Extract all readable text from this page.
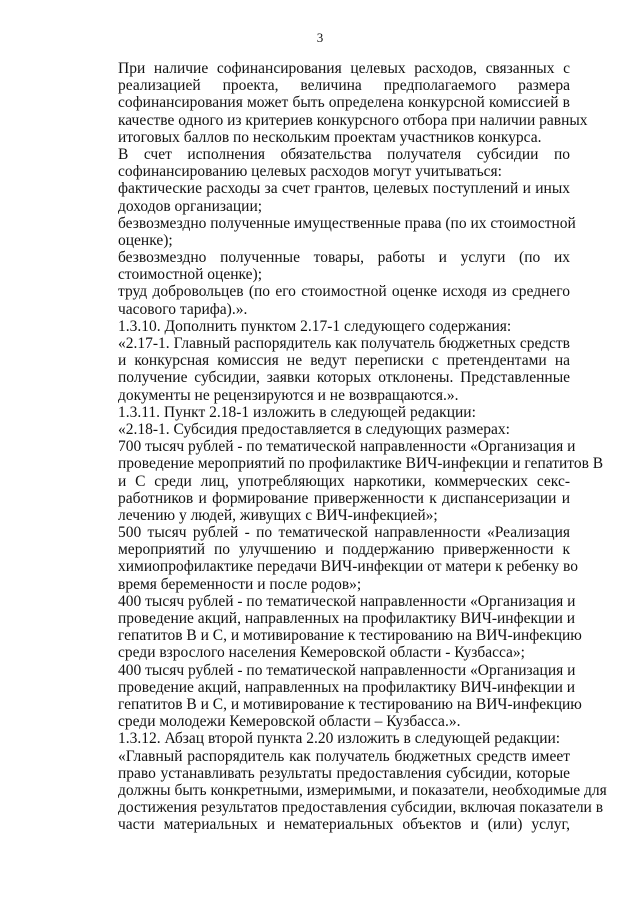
3
При наличие софинансирования целевых расходов, связанных с
реализацией проекта, величина предполагаемого размера
софинансирования может быть определена конкурсной комиссией в
качестве одного из критериев конкурсного отбора при наличии равных
итоговых баллов по нескольким проектам участников конкурса.
В счет исполнения обязательства получателя субсидии по
софинансированию целевых расходов могут учитываться:
фактические расходы за счет грантов, целевых поступлений и иных
доходов организации;
безвозмездно полученные имущественные права (по их стоимостной
оценке);
безвозмездно полученные товары, работы и услуги (по их
стоимостной оценке);
труд добровольцев (по его стоимостной оценке исходя из среднего
часового тарифа).».
1.3.10. Дополнить пунктом 2.17-1 следующего содержания:
«2.17-1. Главный распорядитель как получатель бюджетных средств
и конкурсная комиссия не ведут переписки с претендентами на
получение субсидии, заявки которых отклонены. Представленные
документы не рецензируются и не возвращаются.».
1.3.11. Пункт 2.18-1 изложить в следующей редакции:
«2.18-1. Субсидия предоставляется в следующих размерах:
700 тысяч рублей - по тематической направленности «Организация и
проведение мероприятий по профилактике ВИЧ-инфекции и гепатитов В
и С среди лиц, употребляющих наркотики, коммерческих секс-
работников и формирование приверженности к диспансеризации и
лечению у людей, живущих с ВИЧ-инфекцией»;
500 тысяч рублей - по тематической направленности «Реализация
мероприятий по улучшению и поддержанию приверженности к
химиопрофилактике передачи ВИЧ-инфекции от матери к ребенку во
время беременности и после родов»;
400 тысяч рублей - по тематической направленности «Организация и
проведение акций, направленных на профилактику ВИЧ-инфекции и
гепатитов В и С, и мотивирование к тестированию на ВИЧ-инфекцию
среди взрослого населения Кемеровской области - Кузбасса»;
400 тысяч рублей - по тематической направленности «Организация и
проведение акций, направленных на профилактику ВИЧ-инфекции и
гепатитов В и С, и мотивирование к тестированию на ВИЧ-инфекцию
среди молодежи Кемеровской области – Кузбасса.».
1.3.12. Абзац второй пункта 2.20 изложить в следующей редакции:
«Главный распорядитель как получатель бюджетных средств имеет
право устанавливать результаты предоставления субсидии, которые
должны быть конкретными, измеримыми, и показатели, необходимые для
достижения результатов предоставления субсидии, включая показатели в
части материальных и нематериальных объектов и (или) услуг,
